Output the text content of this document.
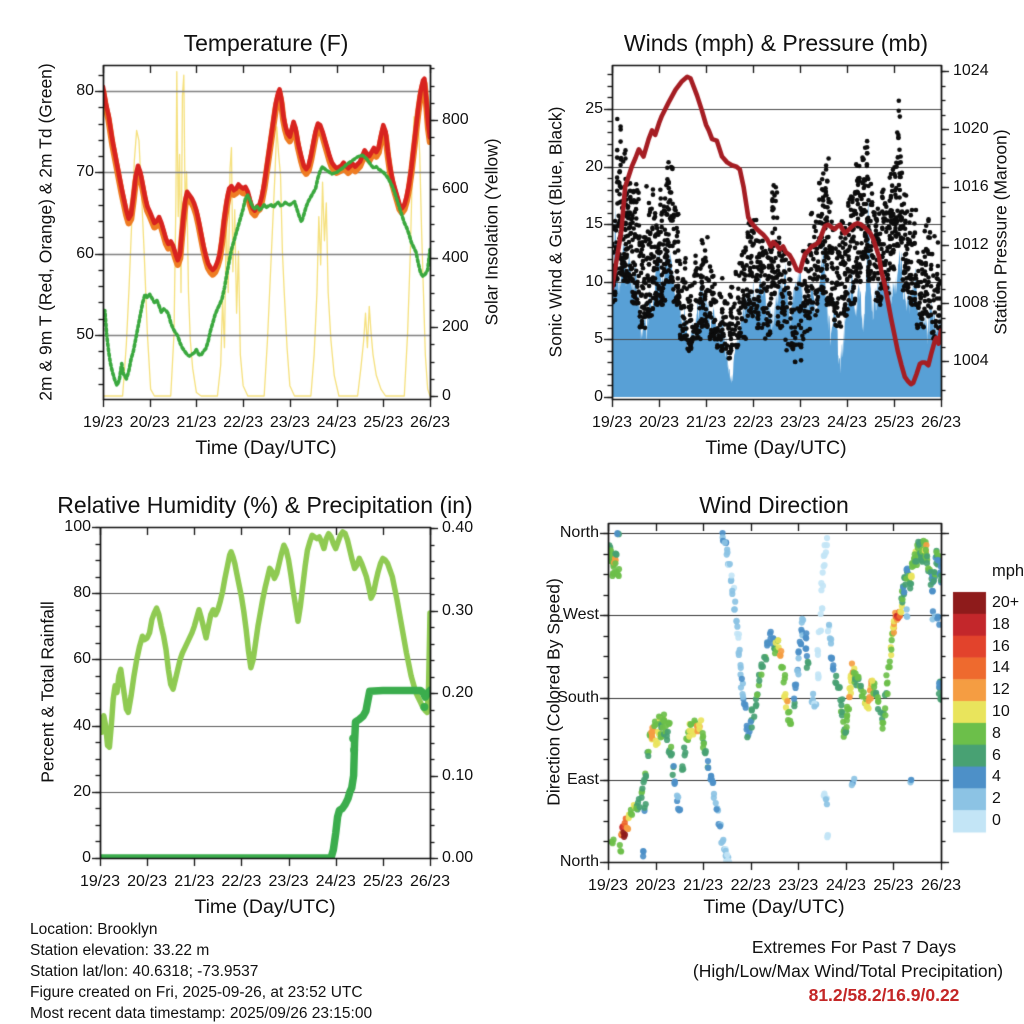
Temperature (F)	Winds (mph) & Pressure (mb)
Relative Humidity (%) & Precipitation (in)	Wind Direction
2m & 9m T (Red, Orange) & 2m Td (Green)	Solar Insolation (Yellow)	Sonic Wind & Gust (Blue, Black)	Station Pressure (Maroon)
Percent & Total Rainfall	Direction (Colored By Speed)
Time (Day/UTC)	Time (Day/UTC)
Time (Day/UTC)	Time (Day/UTC)
mph
19/23 20/23 21/23 22/23 23/23 24/23 25/23 26/23
50
60
70
80
0
200
400
600
800
19/23 20/23 21/23 22/23 23/23 24/23 25/23 26/23
0
5
10
15
20
25
1004
1008
1012
1016
1020
1024
19/23 20/23 21/23 22/23 23/23 24/23 25/23 26/23
0
20
40
60
80
100
0.00
0.10
0.20
0.30
0.40
19/23 20/23 21/23 22/23 23/23 24/23 25/23 26/23
North
East
South
West
North
20+
18
16
14
12
10
8
6
4
2
0
Location: Brooklyn
Station elevation: 33.22 m
Station lat/lon: 40.6318; -73.9537
Figure created on Fri, 2025-09-26, at 23:52 UTC
Most recent data timestamp: 2025/09/26 23:15:00
Extremes For Past 7 Days
(High/Low/Max Wind/Total Precipitation)
81.2/58.2/16.9/0.22
